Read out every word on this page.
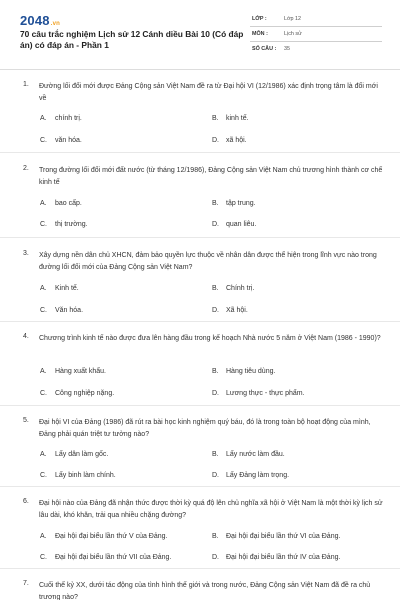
2048.vn
70 câu trắc nghiệm Lịch sử 12 Cánh diều Bài 10 (Có đáp án) có đáp án - Phần 1
LỚP :	Lớp 12
MÔN :	Lịch sử
SỐ CÂU : 35
1. Đường lối đổi mới được Đảng Cộng sản Việt Nam đề ra từ Đại hội VI (12/1986) xác định trọng tâm là đổi mới về
A. chính trị.	B. kinh tế.
C. văn hóa.	D. xã hội.
2. Trong đường lối đổi mới đất nước (từ tháng 12/1986), Đảng Cộng sản Việt Nam chủ trương hình thành cơ chế kinh tế
A. bao cấp.	B. tập trung.
C. thị trường.	D. quan liêu.
3. Xây dựng nền dân chủ XHCN, đảm bảo quyền lực thuộc về nhân dân được thể hiện trong lĩnh vực nào trong đường lối đổi mới của Đảng Cộng sản Việt Nam?
A. Kinh tế.	B. Chính trị.
C. Văn hóa.	D. Xã hội.
4. Chương trình kinh tế nào được đưa lên hàng đầu trong kế hoạch Nhà nước 5 năm ở Việt Nam (1986 - 1990)?
A. Hàng xuất khẩu.	B. Hàng tiêu dùng.
C. Công nghiệp nặng.	D. Lương thực - thực phẩm.
5. Đại hội VI của Đảng (1986) đã rút ra bài học kinh nghiệm quý báu, đó là trong toàn bộ hoạt động của mình, Đảng phải quán triệt tư tưởng nào?
A. Lấy dân làm gốc.	B. Lấy nước làm đầu.
C. Lấy binh làm chính.	D. Lấy Đảng làm trọng.
6. Đại hội nào của Đảng đã nhận thức được thời kỳ quá độ lên chủ nghĩa xã hội ở Việt Nam là một thời kỳ lịch sử lâu dài, khó khăn, trải qua nhiều chặng đường?
A. Đại hội đại biểu lần thứ V của Đảng.	B. Đại hội đại biểu lần thứ VI của Đảng.
C. Đại hội đại biểu lần thứ VII của Đảng.	D. Đại hội đại biểu lần thứ IV của Đảng.
7. Cuối thế kỷ XX, dưới tác động của tình hình thế giới và trong nước, Đảng Cộng sản Việt Nam đã đề ra chủ trương nào?
